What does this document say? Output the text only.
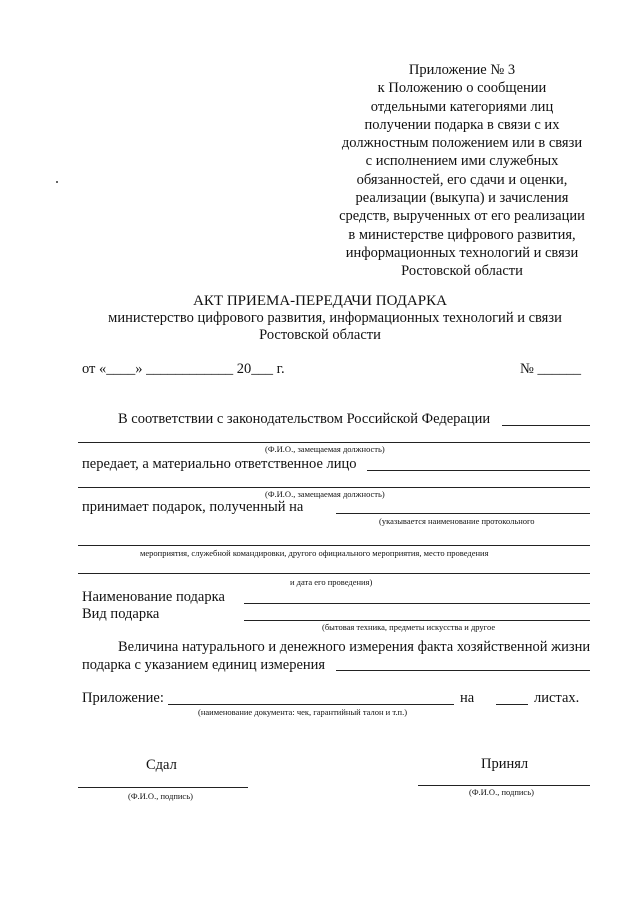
Приложение № 3
к Положению о сообщении
отдельными категориями лиц
получении подарка в связи с их
должностным положением или в связи
с исполнением ими служебных
обязанностей, его сдачи и оценки,
реализации (выкупа) и зачисления
средств, вырученных от его реализации
в министерстве цифрового развития,
информационных технологий и связи
Ростовской области
АКТ ПРИЕМА-ПЕРЕДАЧИ ПОДАРКА
министерство цифрового развития, информационных технологий и связи
Ростовской области
от «____» ____________ 20___ г.	№ ______
В соответствии с законодательством Российской Федерации
(Ф.И.О., замещаемая должность)
передает, а материально ответственное лицо
(Ф.И.О., замещаемая должность)
принимает подарок, полученный на
(указывается наименование протокольного
мероприятия, служебной командировки, другого официального мероприятия, место проведения
и дата его проведения)
Наименование подарка
Вид подарка
(бытовая техника, предметы искусства и другое
Величина натурального и денежного измерения факта хозяйственной жизни
подарка с указанием единиц измерения
Приложение:	на	листах.
(наименование документа: чек, гарантийный талон и т.п.)
Сдал	Принял
(Ф.И.О., подпись)	(Ф.И.О., подпись)
